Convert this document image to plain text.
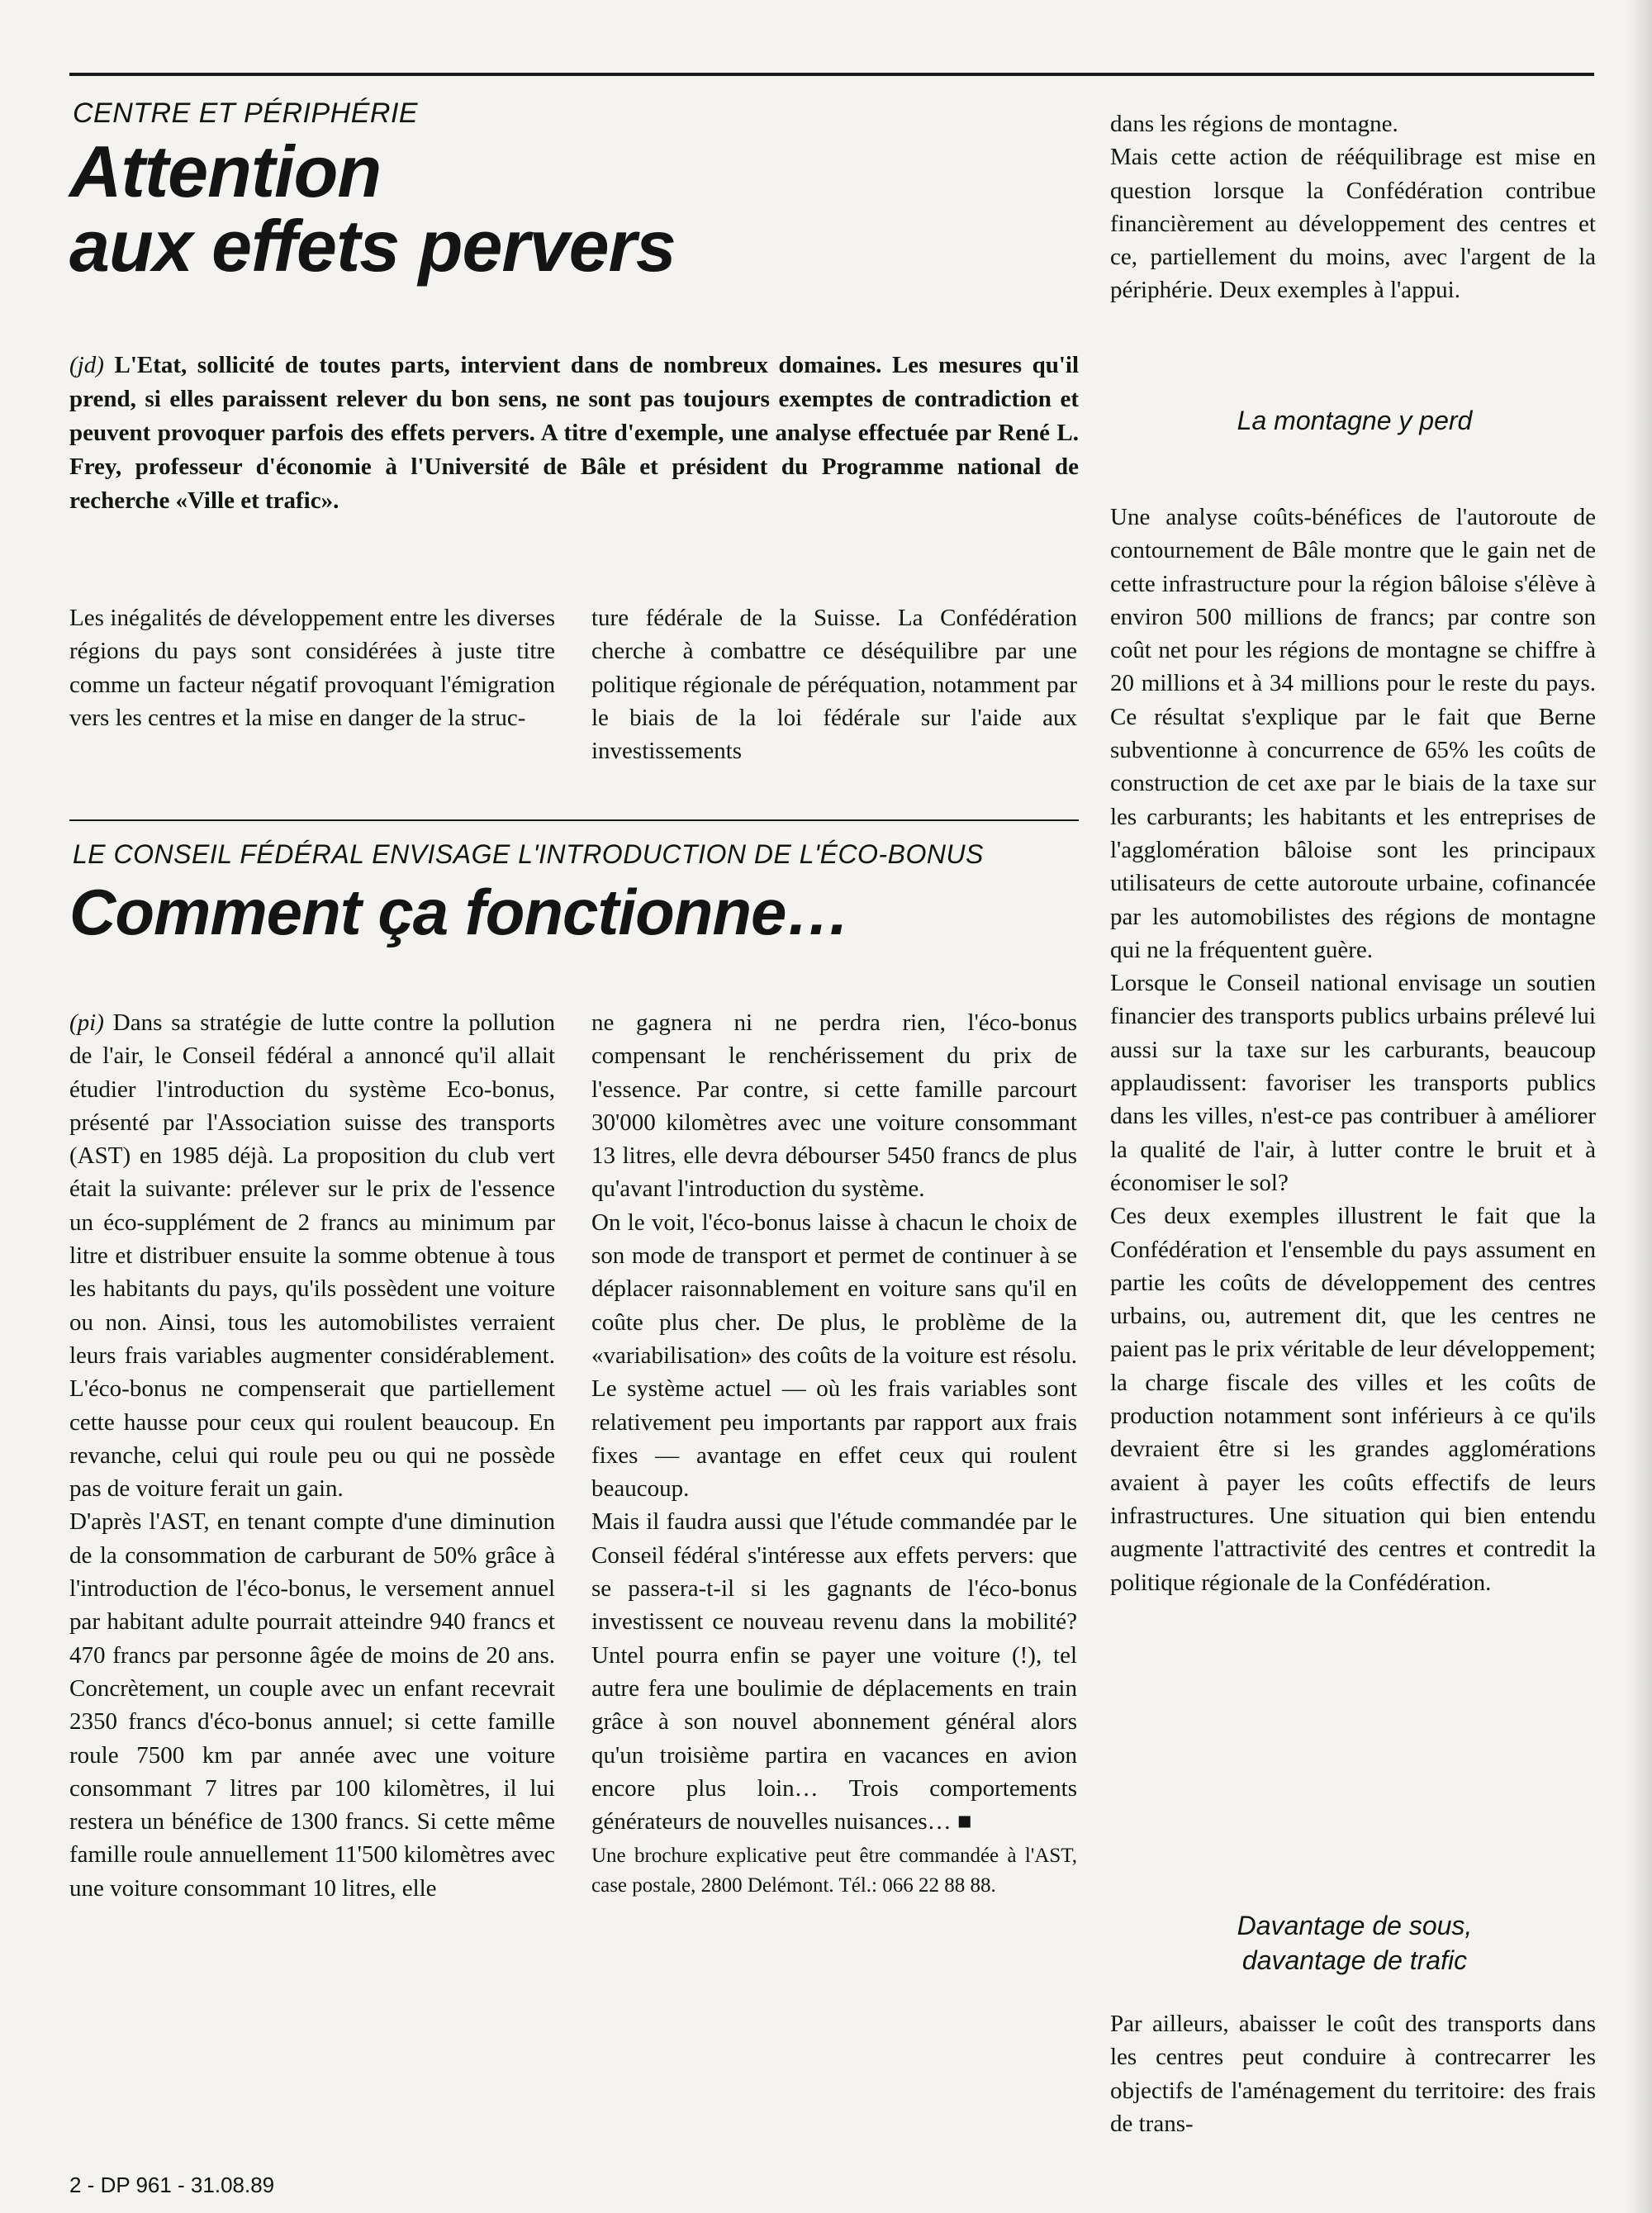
CENTRE ET PÉRIPHÉRIE
Attention
aux effets pervers
(jd) L'Etat, sollicité de toutes parts, intervient dans de nombreux domaines. Les mesures qu'il prend, si elles paraissent relever du bon sens, ne sont pas toujours exemptes de contradiction et peuvent provoquer parfois des effets pervers. A titre d'exemple, une analyse effectuée par René L. Frey, professeur d'économie à l'Université de Bâle et président du Programme national de recherche «Ville et trafic».

Les inégalités de développement entre les diverses régions du pays sont considérées à juste titre comme un facteur négatif provoquant l'émigration vers les centres et la mise en danger de la struc-

ture fédérale de la Suisse. La Confédération cherche à combattre ce déséquilibre par une politique régionale de péréquation, notamment par le biais de la loi fédérale sur l'aide aux investissements

dans les régions de montagne.

Mais cette action de rééquilibrage est mise en question lorsque la Confédération contribue financièrement au développement des centres et ce, partiellement du moins, avec l'argent de la périphérie. Deux exemples à l'appui.

La montagne y perd

Une analyse coûts-bénéfices de l'autoroute de contournement de Bâle montre que le gain net de cette infrastructure pour la région bâloise s'élève à environ 500 millions de francs; par contre son coût net pour les régions de montagne se chiffre à 20 millions et à 34 millions pour le reste du pays. Ce résultat s'explique par le fait que Berne subventionne à concurrence de 65% les coûts de construction de cet axe par le biais de la taxe sur les carburants; les habitants et les entreprises de l'agglomération bâloise sont les principaux utilisateurs de cette autoroute urbaine, cofinancée par les automobilistes des régions de montagne qui ne la fréquentent guère.

Lorsque le Conseil national envisage un soutien financier des transports publics urbains prélevé lui aussi sur la taxe sur les carburants, beaucoup applaudissent: favoriser les transports publics dans les villes, n'est-ce pas contribuer à améliorer la qualité de l'air, à lutter contre le bruit et à économiser le sol?

Ces deux exemples illustrent le fait que la Confédération et l'ensemble du pays assument en partie les coûts de développement des centres urbains, ou, autrement dit, que les centres ne paient pas le prix véritable de leur développement; la charge fiscale des villes et les coûts de production notamment sont inférieurs à ce qu'ils devraient être si les grandes agglomérations avaient à payer les coûts effectifs de leurs infrastructures. Une situation qui bien entendu augmente l'attractivité des centres et contredit la politique régionale de la Confédération.

Davantage de sous, davantage de trafic

Par ailleurs, abaisser le coût des transports dans les centres peut conduire à contrecarrer les objectifs de l'aménagement du territoire: des frais de trans-

LE CONSEIL FÉDÉRAL ENVISAGE L'INTRODUCTION DE L'ÉCO-BONUS
Comment ça fonctionne…

(pi) Dans sa stratégie de lutte contre la pollution de l'air, le Conseil fédéral a annoncé qu'il allait étudier l'introduction du système Eco-bonus, présenté par l'Association suisse des transports (AST) en 1985 déjà. La proposition du club vert était la suivante: prélever sur le prix de l'essence un éco-supplément de 2 francs au minimum par litre et distribuer ensuite la somme obtenue à tous les habitants du pays, qu'ils possèdent une voiture ou non. Ainsi, tous les automobilistes verraient leurs frais variables augmenter considérablement. L'éco-bonus ne compenserait que partiellement cette hausse pour ceux qui roulent beaucoup. En revanche, celui qui roule peu ou qui ne possède pas de voiture ferait un gain.

D'après l'AST, en tenant compte d'une diminution de la consommation de carburant de 50% grâce à l'introduction de l'éco-bonus, le versement annuel par habitant adulte pourrait atteindre 940 francs et 470 francs par personne âgée de moins de 20 ans. Concrètement, un couple avec un enfant recevrait 2350 francs d'éco-bonus annuel; si cette famille roule 7500 km par année avec une voiture consommant 7 litres par 100 kilomètres, il lui restera un bénéfice de 1300 francs. Si cette même famille roule annuellement 11'500 kilomètres avec une voiture consommant 10 litres, elle

ne gagnera ni ne perdra rien, l'éco-bonus compensant le renchérissement du prix de l'essence. Par contre, si cette famille parcourt 30'000 kilomètres avec une voiture consommant 13 litres, elle devra débourser 5450 francs de plus qu'avant l'introduction du système.

On le voit, l'éco-bonus laisse à chacun le choix de son mode de transport et permet de continuer à se déplacer raisonnablement en voiture sans qu'il en coûte plus cher. De plus, le problème de la «variabilisation» des coûts de la voiture est résolu. Le système actuel — où les frais variables sont relativement peu importants par rapport aux frais fixes — avantage en effet ceux qui roulent beaucoup.

Mais il faudra aussi que l'étude commandée par le Conseil fédéral s'intéresse aux effets pervers: que se passera-t-il si les gagnants de l'éco-bonus investissent ce nouveau revenu dans la mobilité? Untel pourra enfin se payer une voiture (!), tel autre fera une boulimie de déplacements en train grâce à son nouvel abonnement général alors qu'un troisième partira en vacances en avion encore plus loin… Trois comportements générateurs de nouvelles nuisances… ■

Une brochure explicative peut être commandée à l'AST, case postale, 2800 Delémont. Tél.: 066 22 88 88.

2 - DP 961 - 31.08.89
